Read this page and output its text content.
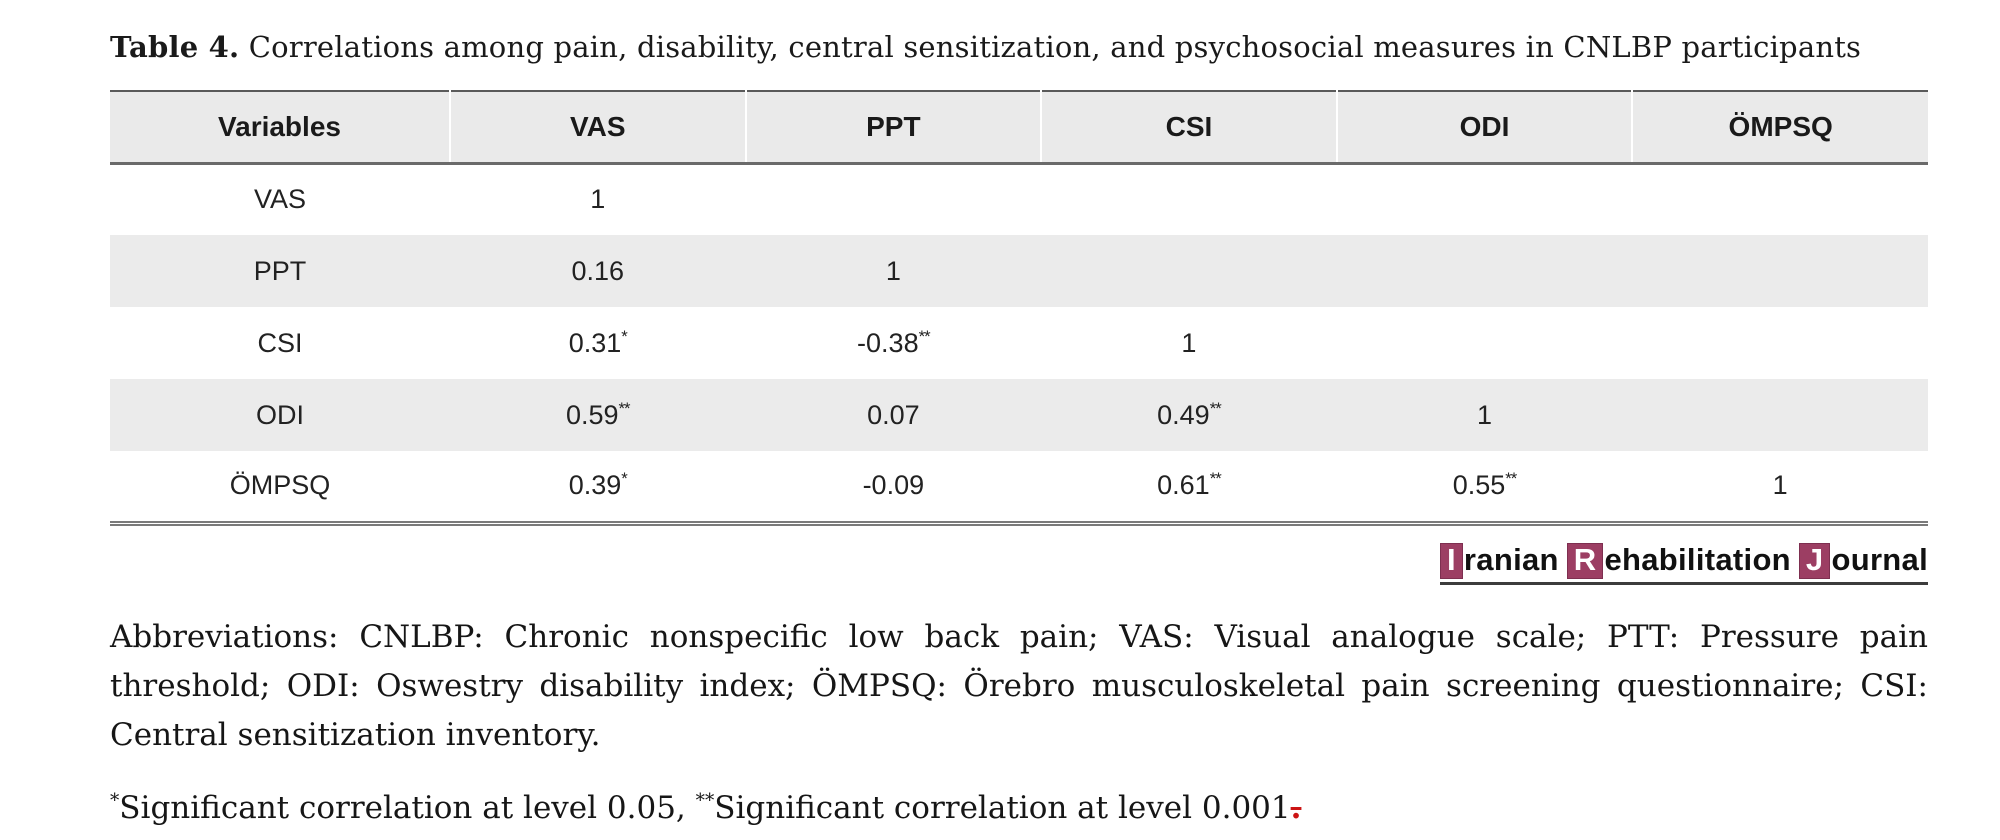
Table 4. Correlations among pain, disability, central sensitization, and psychosocial measures in CNLBP participants

Variables	VAS	PPT	CSI	ODI	ÖMPSQ
VAS	1				
PPT	0.16	1			
CSI	0.31*	-0.38**	1		
ODI	0.59**	0.07	0.49**	1	
ÖMPSQ	0.39*	-0.09	0.61**	0.55**	1
I ranian R ehabilitation J ournal

Abbreviations: CNLBP: Chronic nonspecific low back pain; VAS: Visual analogue scale; PTT: Pressure pain threshold; ODI: Oswestry disability index; ÖMPSQ: Örebro musculoskeletal pain screening questionnaire; CSI: Central sensitization inventory.

*Significant correlation at level 0.05, **Significant correlation at level 0.001.
